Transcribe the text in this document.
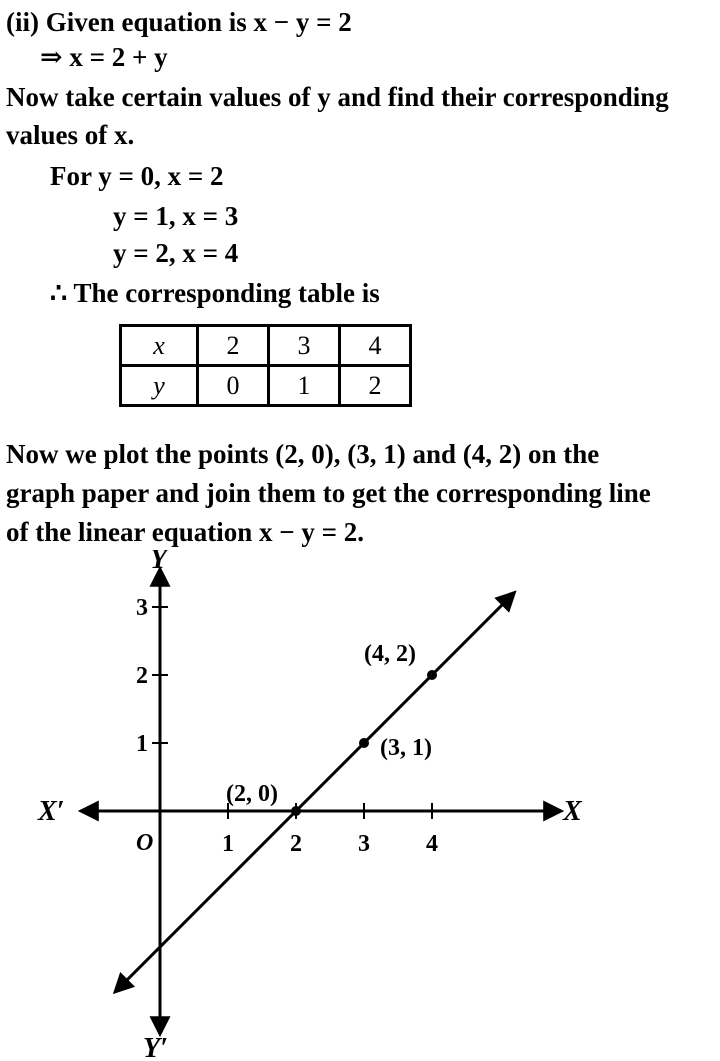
(ii) Given equation is x − y = 2
⇒ x = 2 + y
Now take certain values of y and find their corresponding
values of x.
For y = 0, x = 2
y = 1, x = 3
y = 2, x = 4
∴ The corresponding table is
x	2	3	4
y	0	1	2
Now we plot the points (2, 0), (3, 1) and (4, 2) on the
graph paper and join them to get the corresponding line
of the linear equation x − y = 2.
1 2 3 4
1
2
3
X
X′
Y
Y′
O
(2, 0)
(3, 1)
(4, 2)
